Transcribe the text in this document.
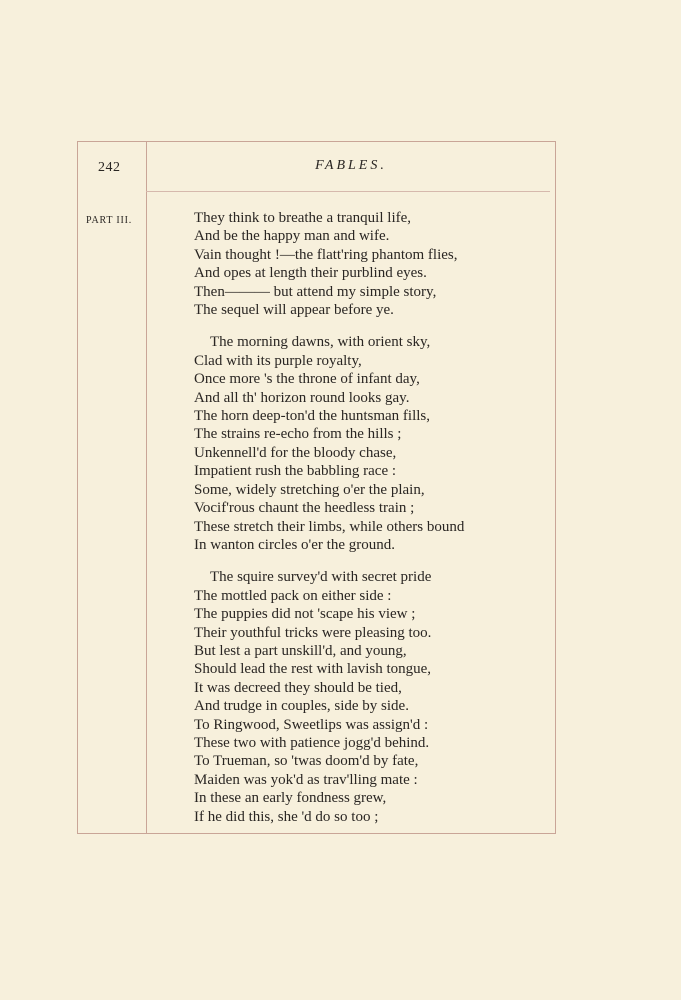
242	FABLES.
PART III.	They think to breathe a tranquil life,
And be the happy man and wife.
Vain thought !—the flatt'ring phantom flies,
And opes at length their purblind eyes.
Then——— but attend my simple story,
The sequel will appear before ye.
The morning dawns, with orient sky,
Clad with its purple royalty,
Once more 's the throne of infant day,
And all th' horizon round looks gay.
The horn deep-ton'd the huntsman fills,
The strains re-echo from the hills ;
Unkennell'd for the bloody chase,
Impatient rush the babbling race :
Some, widely stretching o'er the plain,
Vocif'rous chaunt the heedless train ;
These stretch their limbs, while others bound
In wanton circles o'er the ground.
The squire survey'd with secret pride
The mottled pack on either side :
The puppies did not 'scape his view ;
Their youthful tricks were pleasing too.
But lest a part unskill'd, and young,
Should lead the rest with lavish tongue,
It was decreed they should be tied,
And trudge in couples, side by side.
To Ringwood, Sweetlips was assign'd :
These two with patience jogg'd behind.
To Trueman, so 'twas doom'd by fate,
Maiden was yok'd as trav'lling mate :
In these an early fondness grew,
If he did this, she 'd do so too ;
